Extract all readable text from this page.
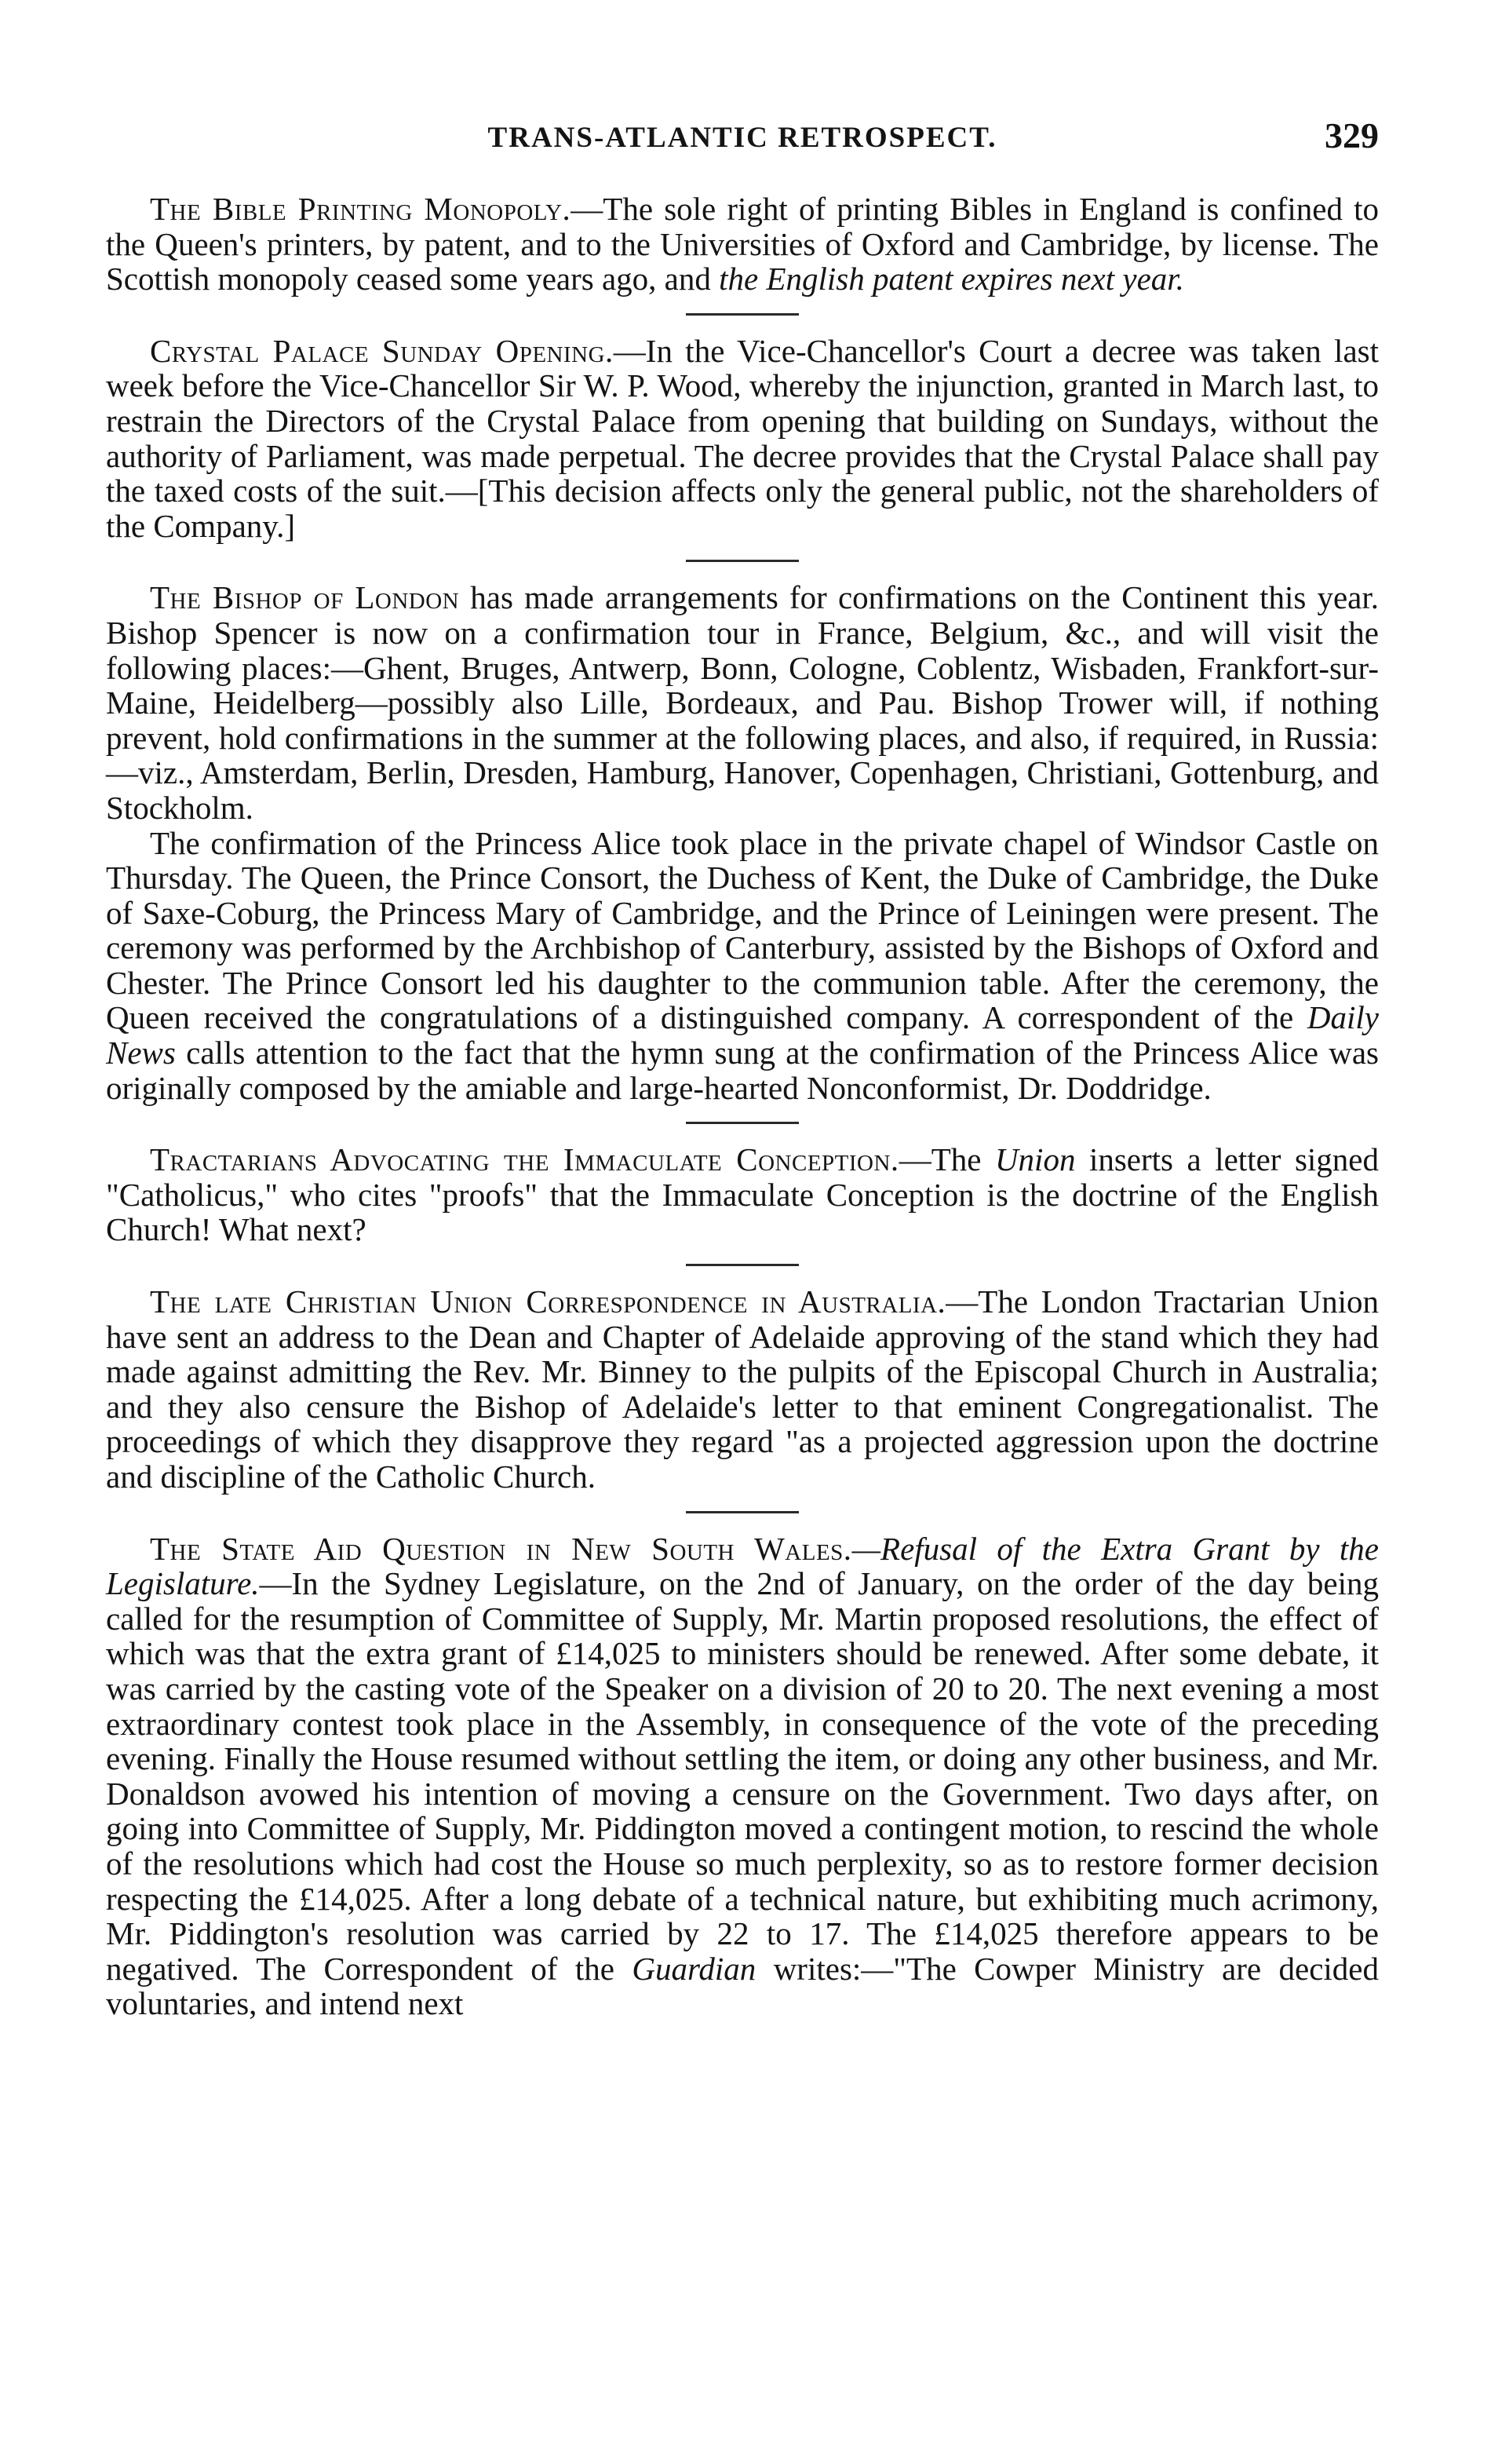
TRANS-ATLANTIC RETROSPECT.	329

The Bible Printing Monopoly.—The sole right of printing Bibles in England is confined to the Queen's printers, by patent, and to the Universities of Oxford and Cambridge, by license. The Scottish monopoly ceased some years ago, and the English patent expires next year.

Crystal Palace Sunday Opening.—In the Vice-Chancellor's Court a decree was taken last week before the Vice-Chancellor Sir W. P. Wood, whereby the injunction, granted in March last, to restrain the Directors of the Crystal Palace from opening that building on Sundays, without the authority of Parliament, was made perpetual. The decree provides that the Crystal Palace shall pay the taxed costs of the suit.—[This decision affects only the general public, not the shareholders of the Company.]

The Bishop of London has made arrangements for confirmations on the Continent this year. Bishop Spencer is now on a confirmation tour in France, Belgium, &c., and will visit the following places:—Ghent, Bruges, Antwerp, Bonn, Cologne, Coblentz, Wisbaden, Frankfort-sur-Maine, Heidelberg—possibly also Lille, Bordeaux, and Pau. Bishop Trower will, if nothing prevent, hold confirmations in the summer at the following places, and also, if required, in Russia:—viz., Amsterdam, Berlin, Dresden, Hamburg, Hanover, Copenhagen, Christiani, Gottenburg, and Stockholm.

The confirmation of the Princess Alice took place in the private chapel of Windsor Castle on Thursday. The Queen, the Prince Consort, the Duchess of Kent, the Duke of Cambridge, the Duke of Saxe-Coburg, the Princess Mary of Cambridge, and the Prince of Leiningen were present. The ceremony was performed by the Archbishop of Canterbury, assisted by the Bishops of Oxford and Chester. The Prince Consort led his daughter to the communion table. After the ceremony, the Queen received the congratulations of a distinguished company. A correspondent of the Daily News calls attention to the fact that the hymn sung at the confirmation of the Princess Alice was originally composed by the amiable and large-hearted Nonconformist, Dr. Doddridge.

Tractarians Advocating the Immaculate Conception.—The Union inserts a letter signed "Catholicus," who cites "proofs" that the Immaculate Conception is the doctrine of the English Church! What next?

The late Christian Union Correspondence in Australia.—The London Tractarian Union have sent an address to the Dean and Chapter of Adelaide approving of the stand which they had made against admitting the Rev. Mr. Binney to the pulpits of the Episcopal Church in Australia; and they also censure the Bishop of Adelaide's letter to that eminent Congregationalist. The proceedings of which they disapprove they regard "as a projected aggression upon the doctrine and discipline of the Catholic Church.

The State Aid Question in New South Wales.—Refusal of the Extra Grant by the Legislature.—In the Sydney Legislature, on the 2nd of January, on the order of the day being called for the resumption of Committee of Supply, Mr. Martin proposed resolutions, the effect of which was that the extra grant of £14,025 to ministers should be renewed. After some debate, it was carried by the casting vote of the Speaker on a division of 20 to 20. The next evening a most extraordinary contest took place in the Assembly, in consequence of the vote of the preceding evening. Finally the House resumed without settling the item, or doing any other business, and Mr. Donaldson avowed his intention of moving a censure on the Government. Two days after, on going into Committee of Supply, Mr. Piddington moved a contingent motion, to rescind the whole of the resolutions which had cost the House so much perplexity, so as to restore former decision respecting the £14,025. After a long debate of a technical nature, but exhibiting much acrimony, Mr. Piddington's resolution was carried by 22 to 17. The £14,025 therefore appears to be negatived. The Correspondent of the Guardian writes:—"The Cowper Ministry are decided voluntaries, and intend next
